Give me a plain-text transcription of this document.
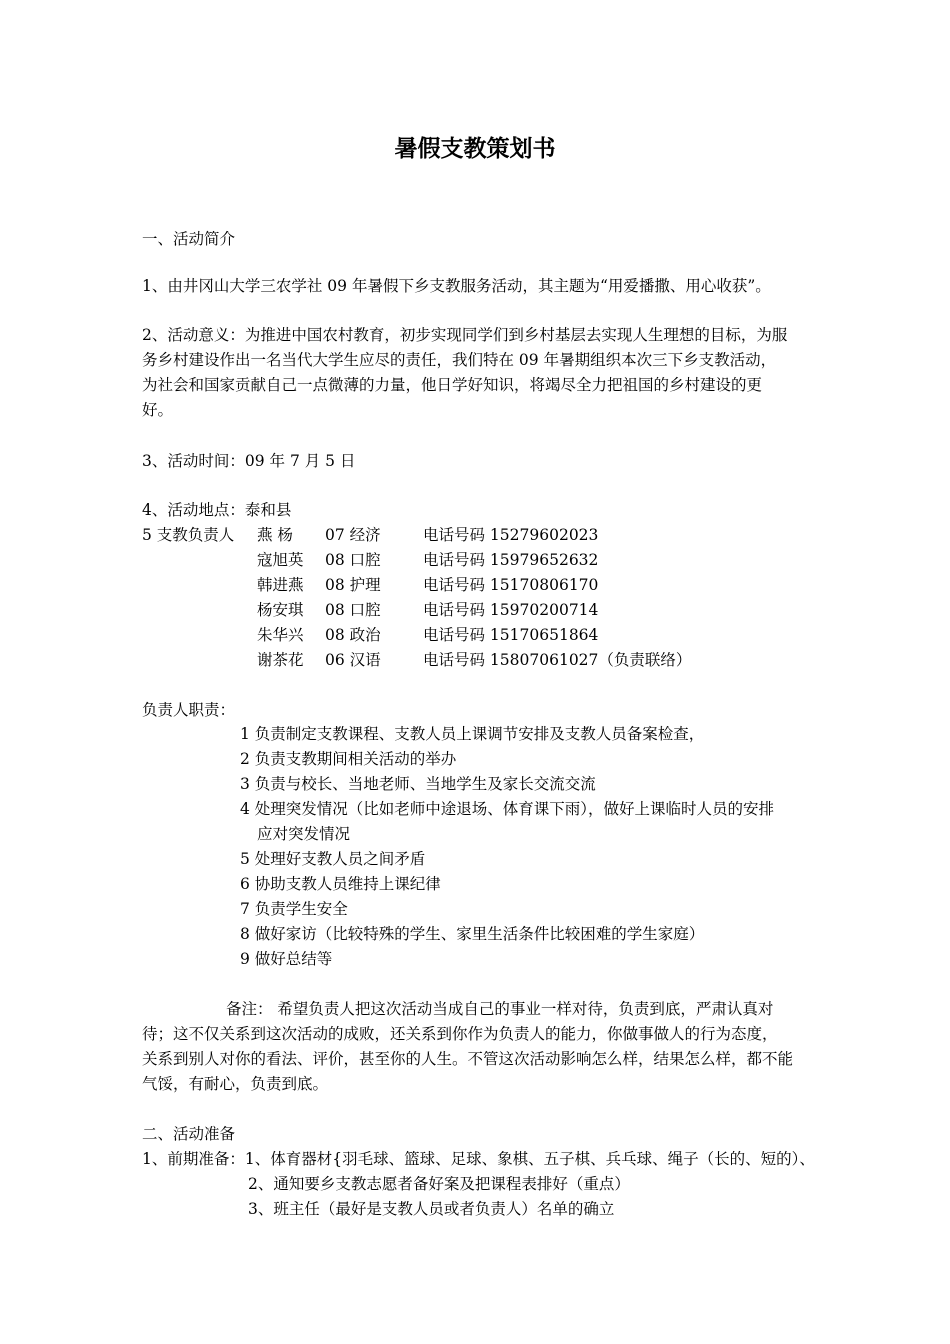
暑假支教策划书
一、活动简介
1、由井冈山大学三农学社 09 年暑假下乡支教服务活动，其主题为“用爱播撒、用心收获”。
2、活动意义：为推进中国农村教育，初步实现同学们到乡村基层去实现人生理想的目标，为服
务乡村建设作出一名当代大学生应尽的责任，我们特在 09 年暑期组织本次三下乡支教活动，
为社会和国家贡献自己一点微薄的力量，他日学好知识，将竭尽全力把祖国的乡村建设的更
好。
3、活动时间：09 年 7 月 5 日
4、活动地点：泰和县
5 支教负责人 燕 杨 07 经济	电话号码 15279602023
寇旭英 08 口腔	电话号码 15979652632
韩进燕 08 护理	电话号码 15170806170
杨安琪 08 口腔	电话号码 15970200714
朱华兴 08 政治	电话号码 15170651864
谢茶花 06 汉语	电话号码 15807061027（负责联络）
负责人职责：
1 负责制定支教课程、支教人员上课调节安排及支教人员备案检查，
2 负责支教期间相关活动的举办
3 负责与校长、当地老师、当地学生及家长交流交流
4 处理突发情况（比如老师中途退场、体育课下雨），做好上课临时人员的安排
应对突发情况
5 处理好支教人员之间矛盾
6 协助支教人员维持上课纪律
7 负责学生安全
8 做好家访（比较特殊的学生、家里生活条件比较困难的学生家庭）
9 做好总结等
备注： 希望负责人把这次活动当成自己的事业一样对待，负责到底，严肃认真对
待；这不仅关系到这次活动的成败，还关系到你作为负责人的能力，你做事做人的行为态度，
关系到别人对你的看法、评价，甚至你的人生。不管这次活动影响怎么样，结果怎么样，都不能
气馁，有耐心，负责到底。
二、活动准备
1、前期准备：1、体育器材{羽毛球、篮球、足球、象棋、五子棋、兵乓球、绳子（长的、短的）、
2、通知要乡支教志愿者备好案及把课程表排好（重点）
3、班主任（最好是支教人员或者负责人）名单的确立
